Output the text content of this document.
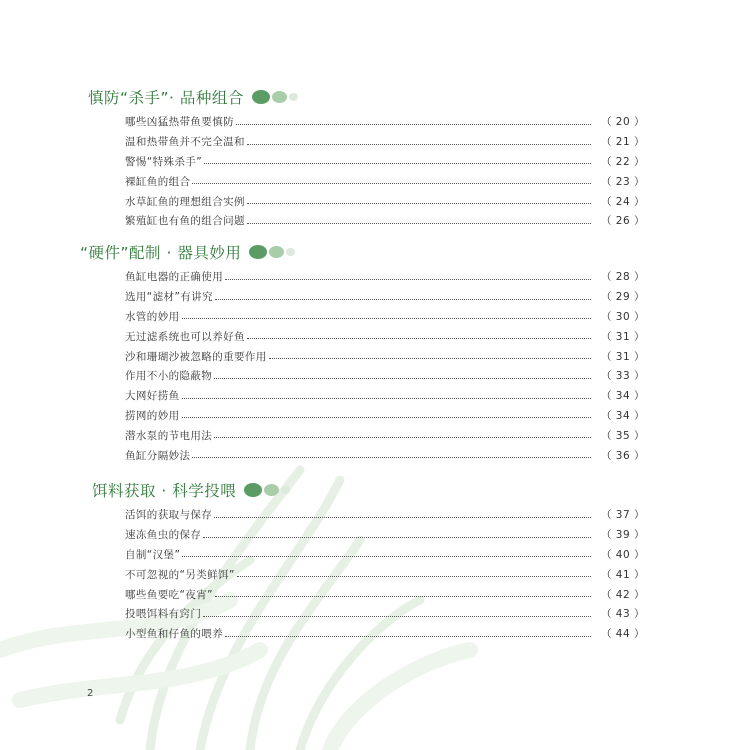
慎防“杀手”· 品种组合
哪些凶猛热带鱼要慎防	（ 20 ）
温和热带鱼并不完全温和	（ 21 ）
警惕“特殊杀手”	（ 22 ）
裸缸鱼的组合	（ 23 ）
水草缸鱼的理想组合实例	（ 24 ）
繁殖缸也有鱼的组合问题	（ 26 ）
“硬件”配制 · 器具妙用
鱼缸电器的正确使用	（ 28 ）
选用“滤材”有讲究	（ 29 ）
水管的妙用	（ 30 ）
无过滤系统也可以养好鱼	（ 31 ）
沙和珊瑚沙被忽略的重要作用	（ 31 ）
作用不小的隐蔽物	（ 33 ）
大网好捞鱼	（ 34 ）
捞网的妙用	（ 34 ）
潜水泵的节电用法	（ 35 ）
鱼缸分隔妙法	（ 36 ）
饵料获取 · 科学投喂
活饵的获取与保存	（ 37 ）
速冻鱼虫的保存	（ 39 ）
自制“汉堡”	（ 40 ）
不可忽视的“另类鲜饵”	（ 41 ）
哪些鱼要吃“夜宵”	（ 42 ）
投喂饵料有窍门	（ 43 ）
小型鱼和仔鱼的喂养	（ 44 ）
2
